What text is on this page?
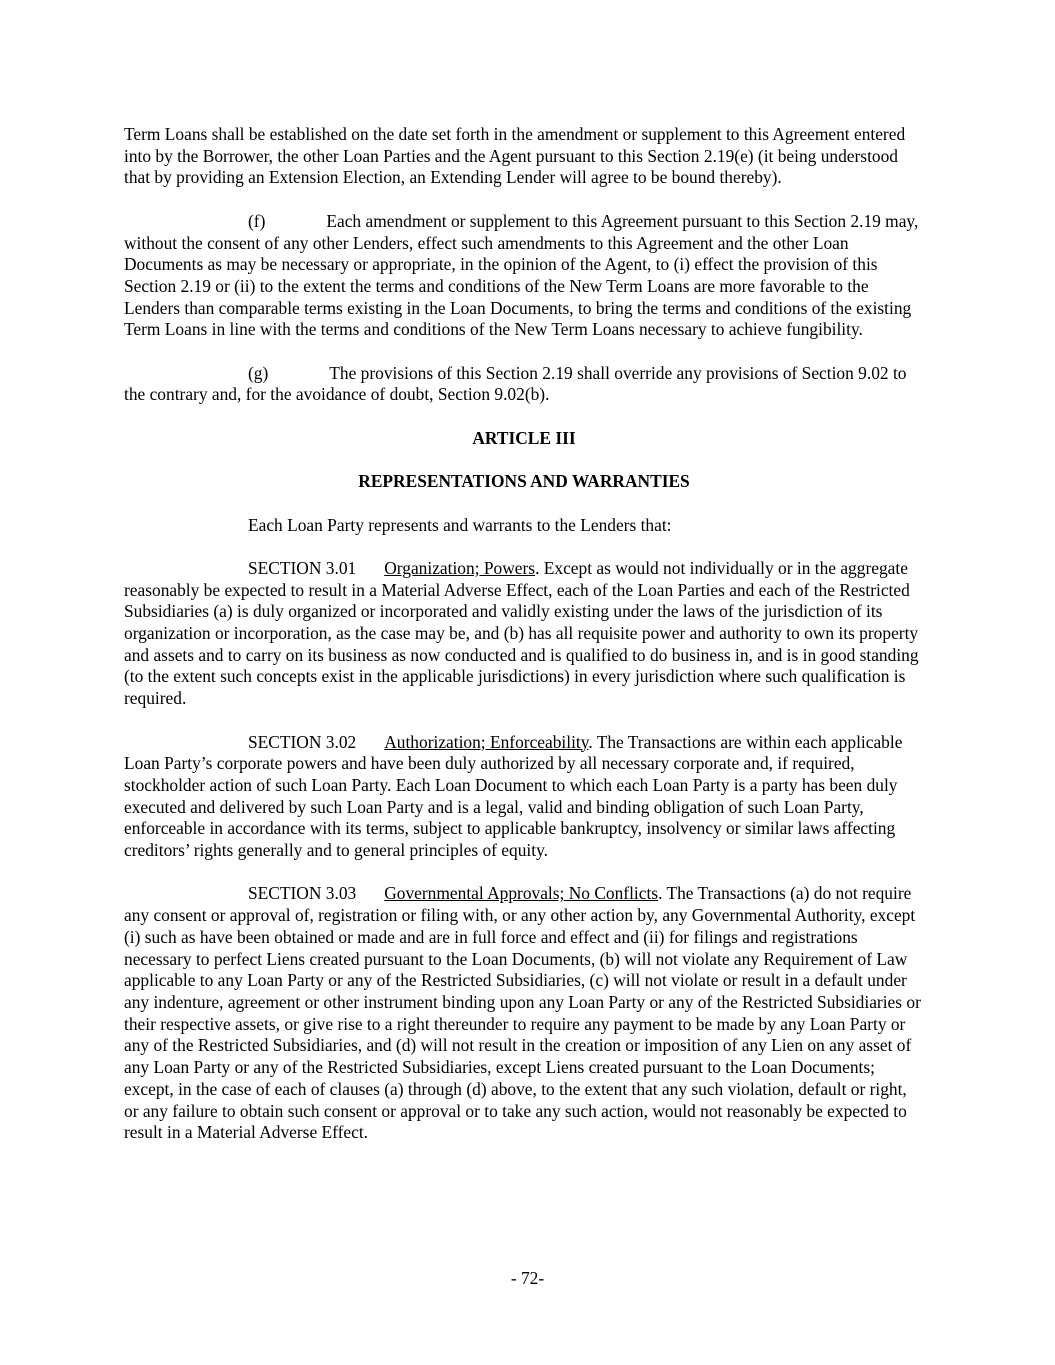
Term Loans shall be established on the date set forth in the amendment or supplement to this Agreement entered into by the Borrower, the other Loan Parties and the Agent pursuant to this Section 2.19(e) (it being understood that by providing an Extension Election, an Extending Lender will agree to be bound thereby).

(f)	Each amendment or supplement to this Agreement pursuant to this Section 2.19 may, without the consent of any other Lenders, effect such amendments to this Agreement and the other Loan Documents as may be necessary or appropriate, in the opinion of the Agent, to (i) effect the provision of this Section 2.19 or (ii) to the extent the terms and conditions of the New Term Loans are more favorable to the Lenders than comparable terms existing in the Loan Documents, to bring the terms and conditions of the existing Term Loans in line with the terms and conditions of the New Term Loans necessary to achieve fungibility.

(g)	The provisions of this Section 2.19 shall override any provisions of Section 9.02 to the contrary and, for the avoidance of doubt, Section 9.02(b).

ARTICLE III

REPRESENTATIONS AND WARRANTIES

Each Loan Party represents and warrants to the Lenders that:

SECTION 3.01 Organization; Powers. Except as would not individually or in the aggregate reasonably be expected to result in a Material Adverse Effect, each of the Loan Parties and each of the Restricted Subsidiaries (a) is duly organized or incorporated and validly existing under the laws of the jurisdiction of its organization or incorporation, as the case may be, and (b) has all requisite power and authority to own its property and assets and to carry on its business as now conducted and is qualified to do business in, and is in good standing (to the extent such concepts exist in the applicable jurisdictions) in every jurisdiction where such qualification is required.

SECTION 3.02 Authorization; Enforceability. The Transactions are within each applicable Loan Party’s corporate powers and have been duly authorized by all necessary corporate and, if required, stockholder action of such Loan Party. Each Loan Document to which each Loan Party is a party has been duly executed and delivered by such Loan Party and is a legal, valid and binding obligation of such Loan Party, enforceable in accordance with its terms, subject to applicable bankruptcy, insolvency or similar laws affecting creditors’ rights generally and to general principles of equity.

SECTION 3.03 Governmental Approvals; No Conflicts. The Transactions (a) do not require any consent or approval of, registration or filing with, or any other action by, any Governmental Authority, except (i) such as have been obtained or made and are in full force and effect and (ii) for filings and registrations necessary to perfect Liens created pursuant to the Loan Documents, (b) will not violate any Requirement of Law applicable to any Loan Party or any of the Restricted Subsidiaries, (c) will not violate or result in a default under any indenture, agreement or other instrument binding upon any Loan Party or any of the Restricted Subsidiaries or their respective assets, or give rise to a right thereunder to require any payment to be made by any Loan Party or any of the Restricted Subsidiaries, and (d) will not result in the creation or imposition of any Lien on any asset of any Loan Party or any of the Restricted Subsidiaries, except Liens created pursuant to the Loan Documents; except, in the case of each of clauses (a) through (d) above, to the extent that any such violation, default or right, or any failure to obtain such consent or approval or to take any such action, would not reasonably be expected to result in a Material Adverse Effect.

- 72-
